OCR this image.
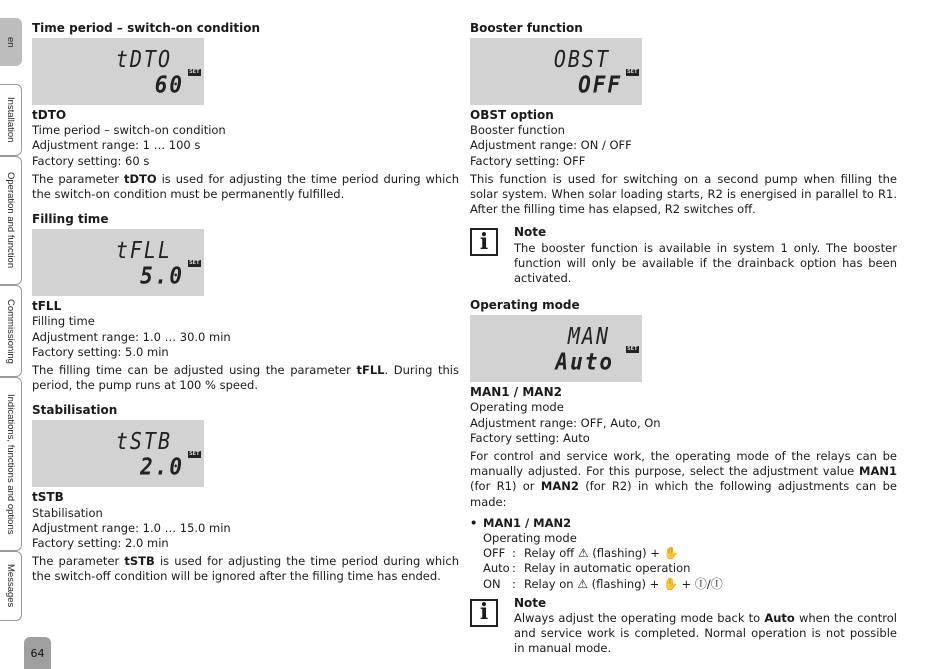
en
Installation
Operation and function
Commissioning
Indications, functions and options
Messages
64
Time period – switch-on condition
tDTO	SET
60

tDTO

Time period – switch-on condition

Adjustment range: 1 … 100 s

Factory setting: 60 s

The parameter tDTO is used for adjusting the time period during which the switch-on condition must be permanently fulfilled.

Filling time
tFLL	SET
5.0

tFLL

Filling time

Adjustment range: 1.0 … 30.0 min

Factory setting: 5.0 min

The filling time can be adjusted using the parameter tFLL. During this period, the pump runs at 100 % speed.

Stabilisation
tSTB	SET
2.0

tSTB

Stabilisation

Adjustment range: 1.0 … 15.0 min

Factory setting: 2.0 min

The parameter tSTB is used for adjusting the time period during which the switch-off condition will be ignored after the filling time has ended.

Booster function
OBST	SET
OFF

OBST option

Booster function

Adjustment range: ON / OFF

Factory setting: OFF

This function is used for switching on a second pump when filling the solar system. When solar loading starts, R2 is energised in parallel to R1. After the filling time has elapsed, R2 switches off.

i	Note
The booster function is available in system 1 only. The booster function will only be available if the drainback option has been activated.
Operating mode
MAN	SET
Auto

MAN1 / MAN2

Operating mode

Adjustment range: OFF, Auto, On

Factory setting: Auto

For control and service work, the operating mode of the relays can be manually adjusted. For this purpose, select the adjustment value MAN1 (for R1) or MAN2 (for R2) in which the following adjustments can be made:

• MAN1 / MAN2
Operating mode
OFF : Relay off ⚠ (flashing) + ✋
Auto : Relay in automatic operation
ON : Relay on ⚠ (flashing) + ✋ + Ⓘ/Ⓘ
i	Note
Always adjust the operating mode back to Auto when the control and service work is completed. Normal operation is not possible in manual mode.
